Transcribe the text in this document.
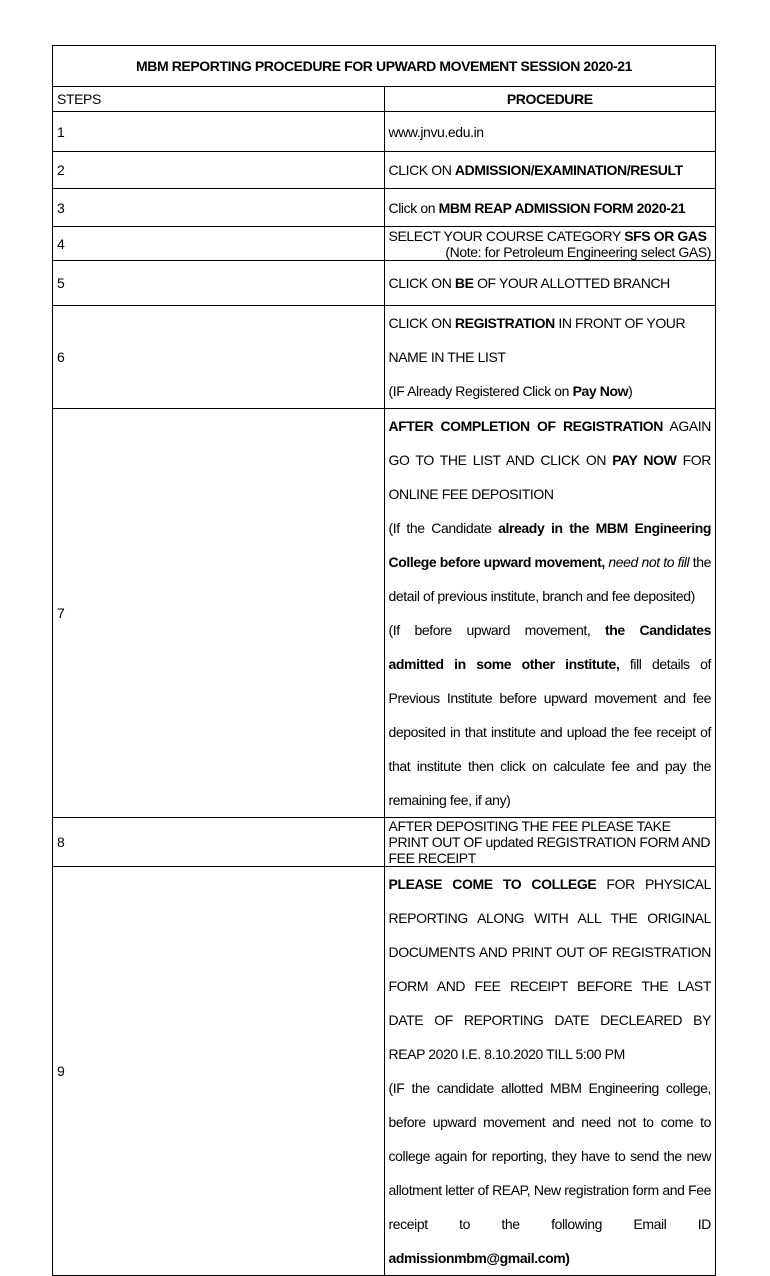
MBM REPORTING PROCEDURE FOR UPWARD MOVEMENT SESSION 2020-21	
STEPS	PROCEDURE
1	www.jnvu.edu.in
2	CLICK ON ADMISSION/EXAMINATION/RESULT
3	Click on MBM REAP ADMISSION FORM 2020-21
4	SELECT YOUR COURSE CATEGORY SFS OR GAS
(Note: for Petroleum Engineering select GAS)

5	CLICK ON BE OF YOUR ALLOTTED BRANCH
6	CLICK ON REGISTRATION IN FRONT OF YOUR NAME IN THE LIST
(IF Already Registered Click on Pay Now)

7	AFTER COMPLETION OF REGISTRATION AGAIN GO TO THE LIST AND CLICK ON PAY NOW FOR ONLINE FEE DEPOSITION
(If the Candidate already in the MBM Engineering College before upward movement, need not to fill the detail of previous institute, branch and fee deposited)
(If before upward movement, the Candidates admitted in some other institute, fill details of Previous Institute before upward movement and fee deposited in that institute and upload the fee receipt of that institute then click on calculate fee and pay the remaining fee, if any)

8	AFTER DEPOSITING THE FEE PLEASE TAKE PRINT OUT OF updated REGISTRATION FORM AND FEE RECEIPT
9	PLEASE COME TO COLLEGE FOR PHYSICAL REPORTING ALONG WITH ALL THE ORIGINAL DOCUMENTS AND PRINT OUT OF REGISTRATION FORM AND FEE RECEIPT BEFORE THE LAST DATE OF REPORTING DATE DECLEARED BY REAP 2020 I.E. 8.10.2020 TILL 5:00 PM
(IF the candidate allotted MBM Engineering college, before upward movement and need not to come to college again for reporting, they have to send the new allotment letter of REAP, New registration form and Fee receipt to the following Email ID admissionmbm@gmail.com)
